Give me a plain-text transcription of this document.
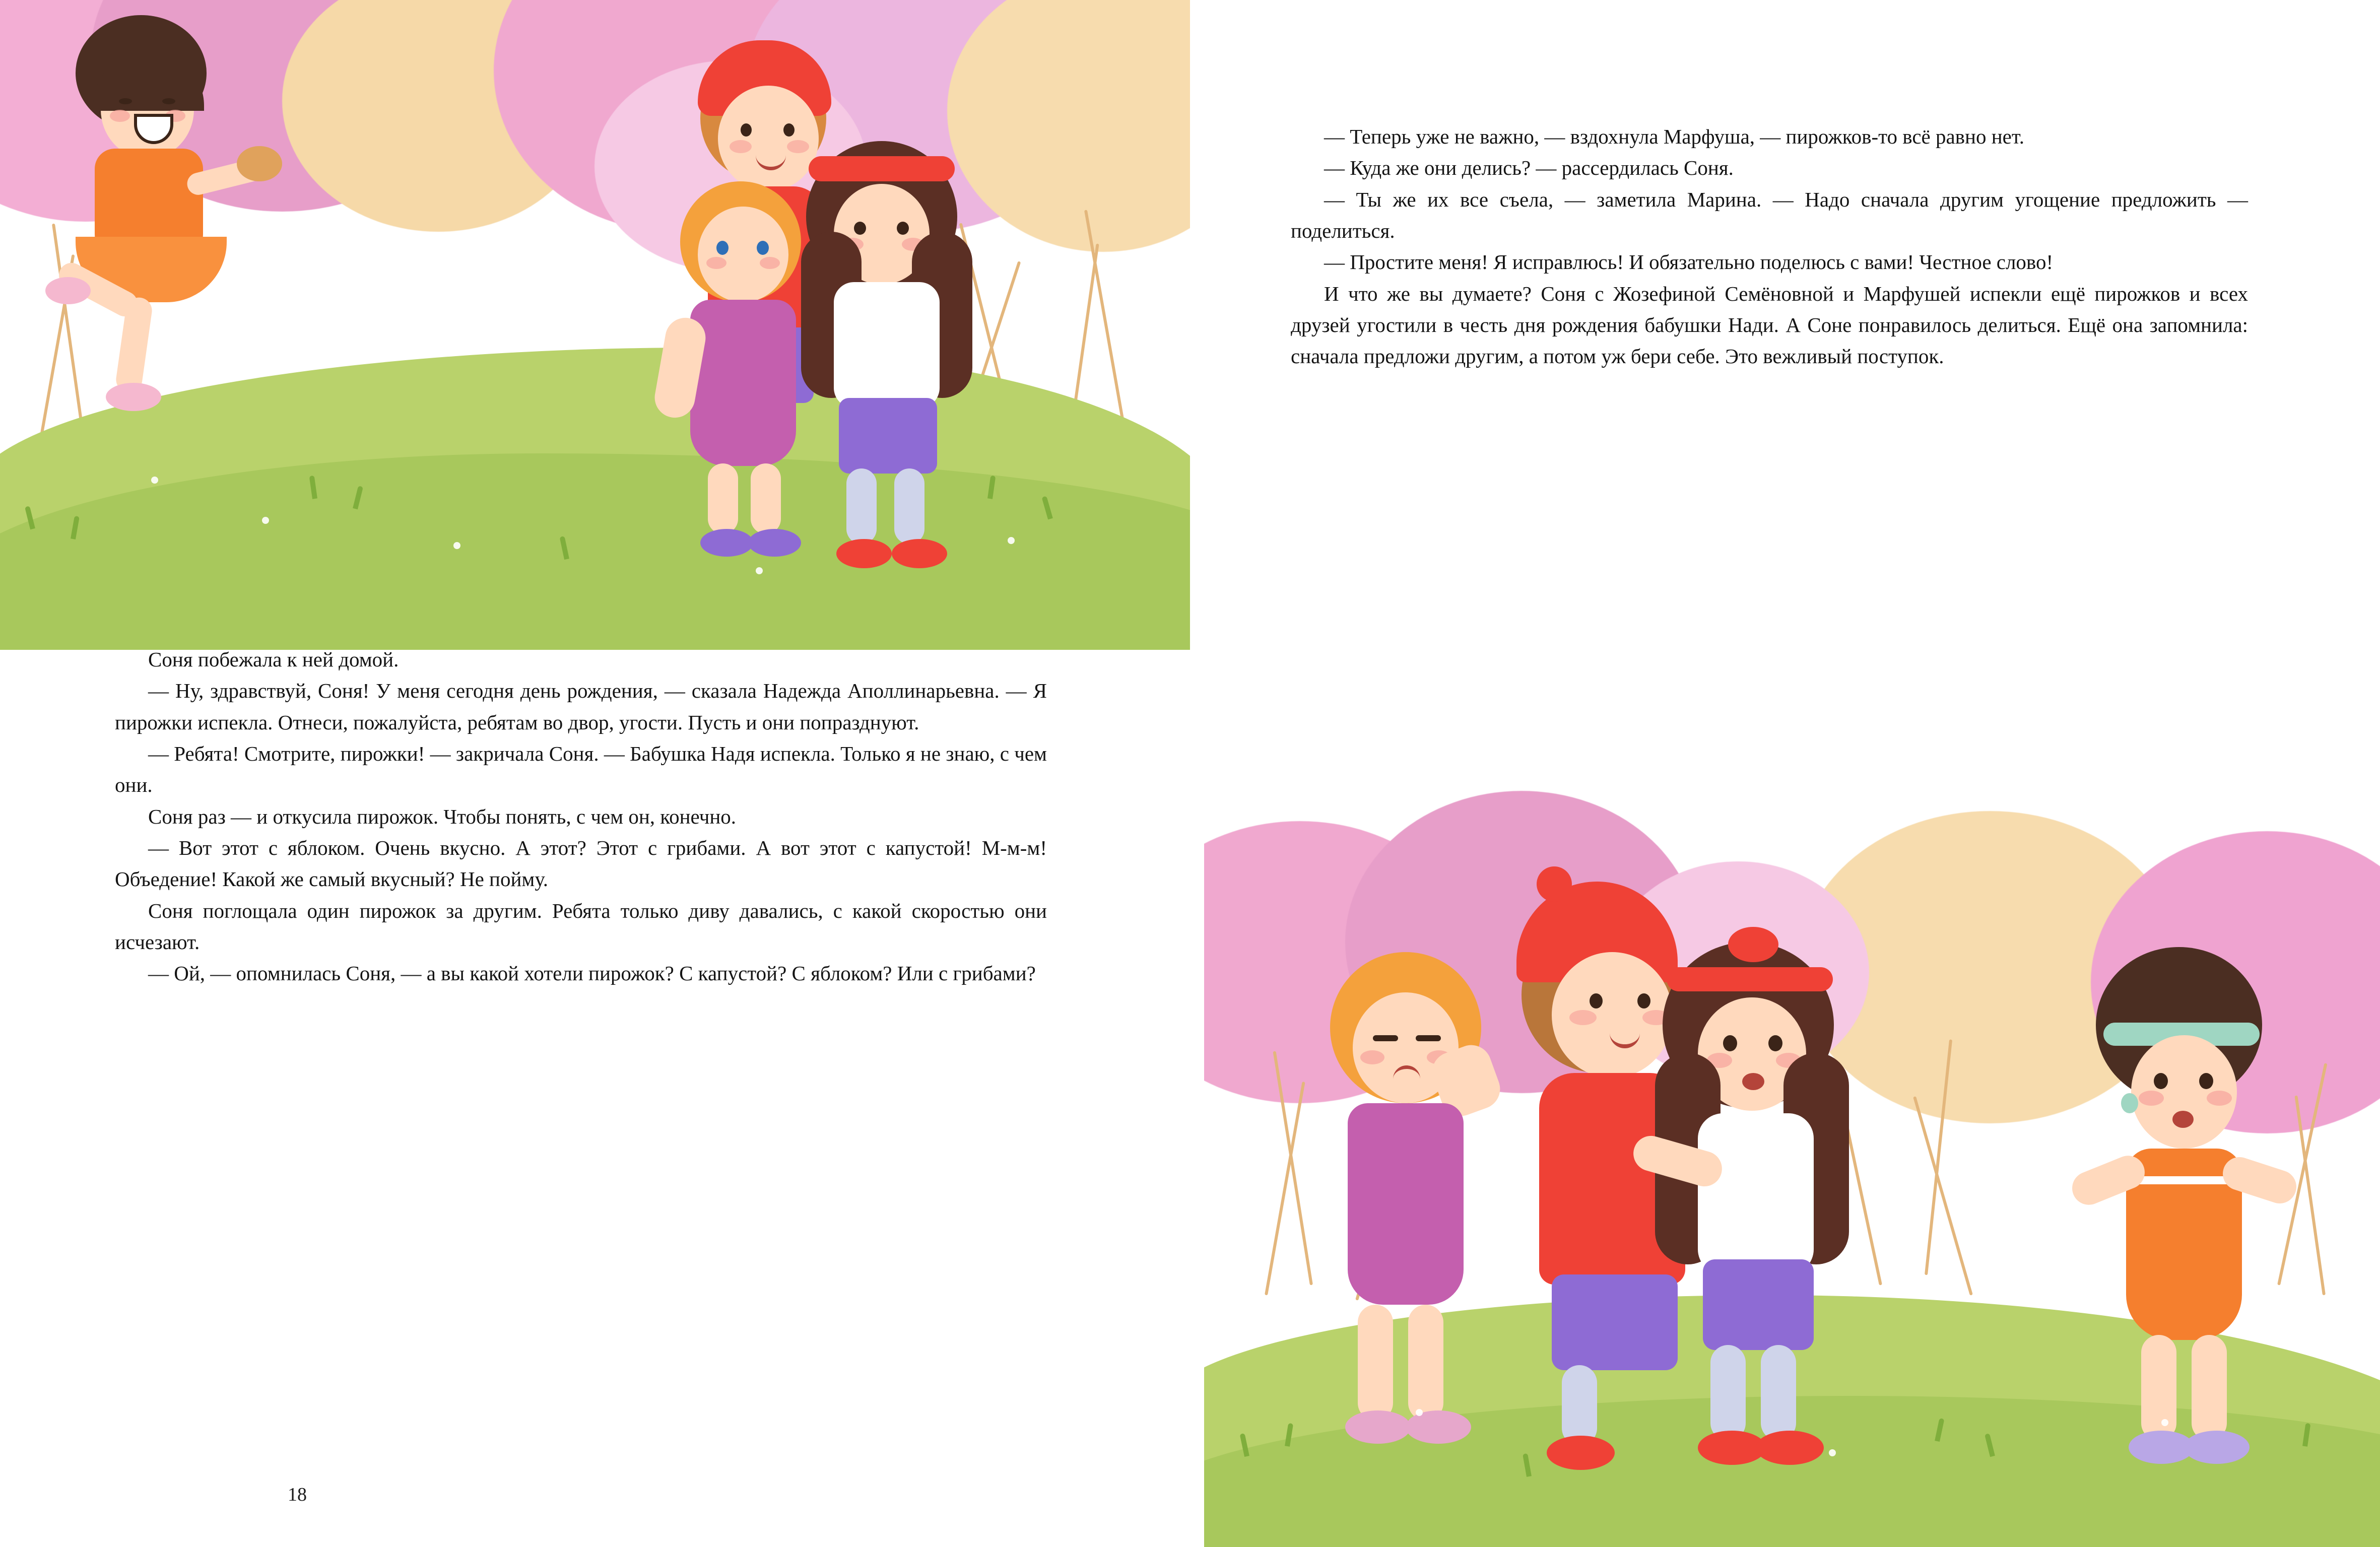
Соня побежала к ней домой.

— Ну, здравствуй, Соня! У меня сегодня день рождения, — сказала Надежда Аполлинарьевна. — Я пирожки испекла. Отнеси, пожалуйста, ребятам во двор, угости. Пусть и они попразднуют.

— Ребята! Смотрите, пирожки! — закричала Соня. — Бабушка Надя испекла. Только я не знаю, с чем они.

Соня раз — и откусила пирожок. Чтобы понять, с чем он, конечно.

— Вот этот с яблоком. Очень вкусно. А этот? Этот с грибами. А вот этот с капустой! М-м-м! Объедение! Какой же самый вкусный? Не пойму.

Соня поглощала один пирожок за другим. Ребята только диву давались, с какой скоростью они исчезают.

— Ой, — опомнилась Соня, — а вы какой хотели пирожок? С капустой? С яблоком? Или с грибами?

18

— Теперь уже не важно, — вздохнула Марфуша, — пирожков-то всё равно нет.

— Куда же они делись? — рассердилась Соня.

— Ты же их все съела, — заметила Марина. — Надо сначала другим угощение предложить — поделиться.

— Простите меня! Я исправлюсь! И обязательно поделюсь с вами! Честное слово!

И что же вы думаете? Соня с Жозефиной Семёновной и Марфушей испекли ещё пирожков и всех друзей угостили в честь дня рождения бабушки Нади. А Соне понравилось делиться. Ещё она запомнила: сначала предложи другим, а потом уж бери себе. Это вежливый поступок.
